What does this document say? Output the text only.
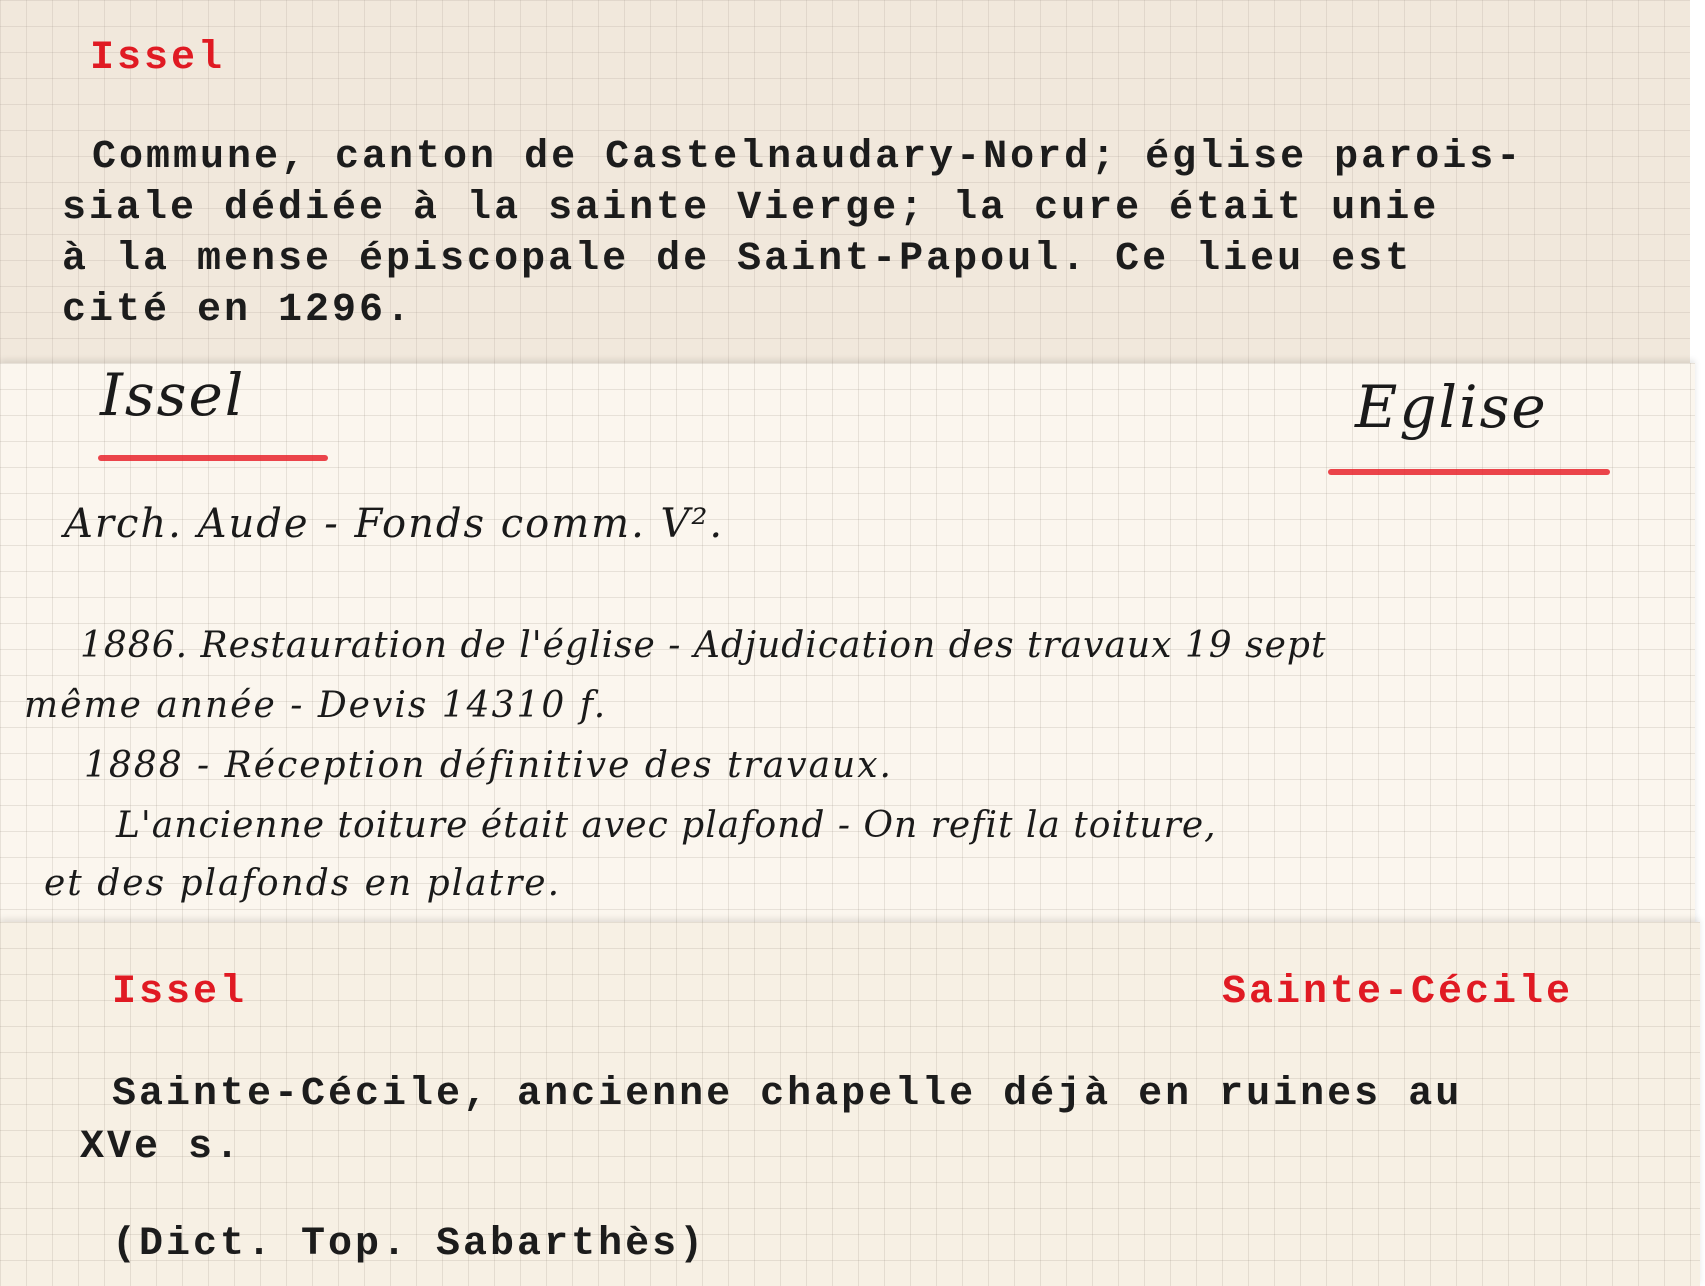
Issel
Commune, canton de Castelnaudary-Nord; église parois-
siale dédiée à la sainte Vierge; la cure était unie
à la mense épiscopale de Saint-Papoul. Ce lieu est
cité en 1296.
Issel	Eglise
Arch. Aude - Fonds comm. V².
1886. Restauration de l'église - Adjudication des travaux 19 sept
même année - Devis 14310 f.
1888 - Réception définitive des travaux.
L'ancienne toiture était avec plafond - On refit la toiture,
et des plafonds en platre.
Issel	Sainte-Cécile
Sainte-Cécile, ancienne chapelle déjà en ruines au
XVe s.
(Dict. Top. Sabarthès)
